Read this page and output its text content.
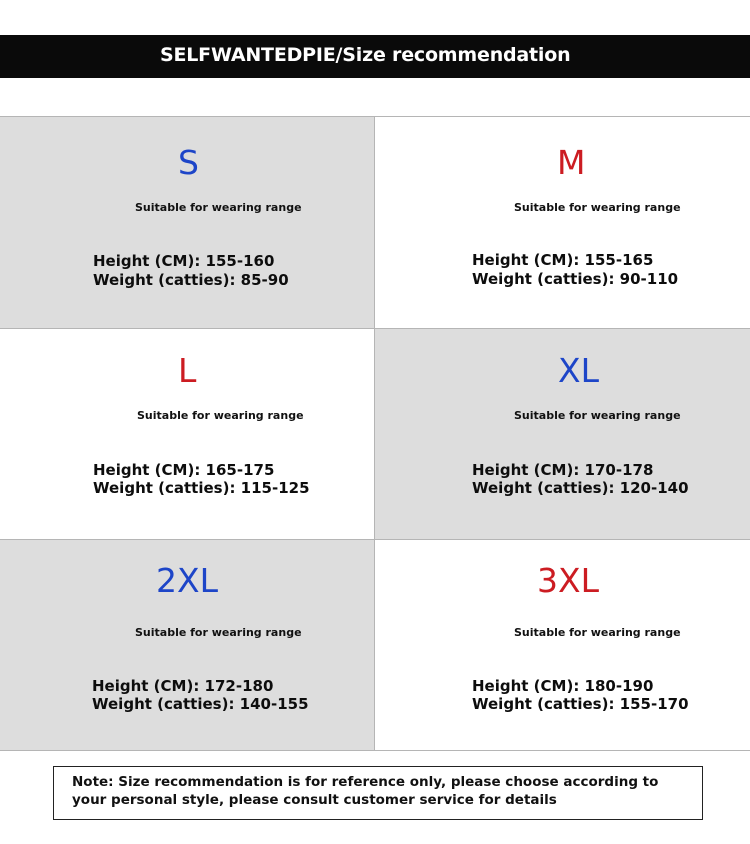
SELFWANTEDPIE/Size recommendation
S
Suitable for wearing range
Height (CM): 155-160
Weight (catties): 85-90
M
Suitable for wearing range
Height (CM): 155-165
Weight (catties): 90-110
L
Suitable for wearing range
Height (CM): 165-175
Weight (catties): 115-125
XL
Suitable for wearing range
Height (CM): 170-178
Weight (catties): 120-140
2XL
Suitable for wearing range
Height (CM): 172-180
Weight (catties): 140-155
3XL
Suitable for wearing range
Height (CM): 180-190
Weight (catties): 155-170
Note: Size recommendation is for reference only, please choose according to your personal style, please consult customer service for details
